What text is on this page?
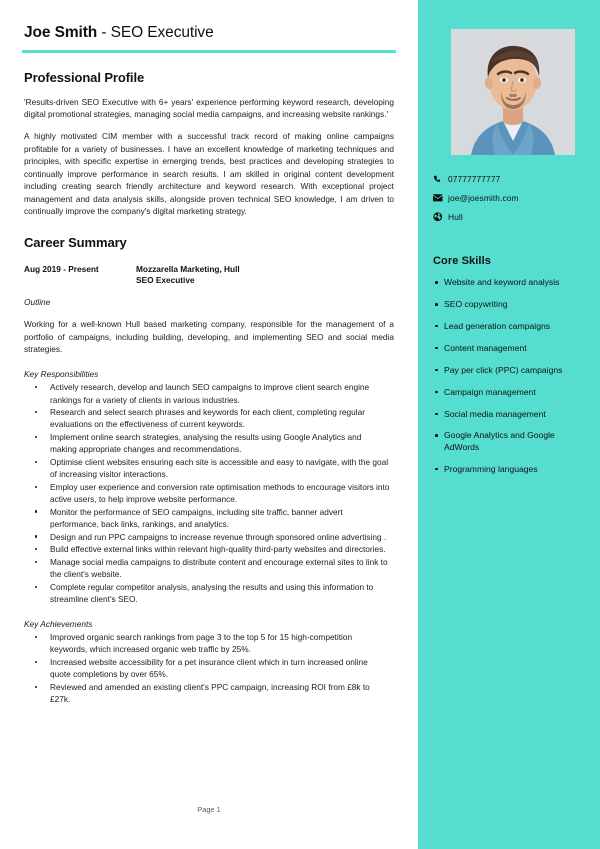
Joe Smith - SEO Executive
Professional Profile

'Results-driven SEO Executive with 6+ years' experience performing keyword research, developing digital promotional strategies, managing social media campaigns, and increasing website rankings.'

A highly motivated CIM member with a successful track record of making online campaigns profitable for a variety of businesses. I have an excellent knowledge of marketing techniques and principles, with specific expertise in emerging trends, best practices and developing strategies to continually improve performance in search results. I am skilled in original content development including creating search friendly architecture and keyword research. With exceptional project management and data analysis skills, alongside proven technical SEO knowledge, I am driven to continually improve the company's digital marketing strategy.

Career Summary
Aug 2019 - Present	Mozzarella Marketing, Hull
SEO Executive
Outline

Working for a well-known Hull based marketing company, responsible for the management of a portfolio of campaigns, including building, developing, and implementing SEO and social media strategies.

Key Responsibilities
Actively research, develop and launch SEO campaigns to improve client search engine rankings for a variety of clients in various industries.
Research and select search phrases and keywords for each client, completing regular evaluations on the effectiveness of current keywords.
Implement online search strategies, analysing the results using Google Analytics and making appropriate changes and recommendations.
Optimise client websites ensuring each site is accessible and easy to navigate, with the goal of increasing visitor interactions.
Employ user experience and conversion rate optimisation methods to encourage visitors into active users, to help improve website performance.
Monitor the performance of SEO campaigns, including site traffic, banner advert performance, back links, rankings, and analytics.
Design and run PPC campaigns to increase revenue through sponsored online advertising .
Build effective external links within relevant high-quality third-party websites and directories.
Manage social media campaigns to distribute content and encourage external sites to link to the client's website.
Complete regular competitor analysis, analysing the results and using this information to streamline client's SEO.
Key Achievements
Improved organic search rankings from page 3 to the top 5 for 15 high-competition keywords, which increased organic web traffic by 25%.
Increased website accessibility for a pet insurance client which in turn increased online quote completions by over 65%.
Reviewed and amended an existing client's PPC campaign, increasing ROI from £8k to £27k.
Page 1
07777777777
joe@joesmith.com
Hull
Core Skills
Website and keyword analysis
SEO copywriting
Lead generation campaigns
Content management
Pay per click (PPC) campaigns
Campaign management
Social media management
Google Analytics and Google AdWords
Programming languages
